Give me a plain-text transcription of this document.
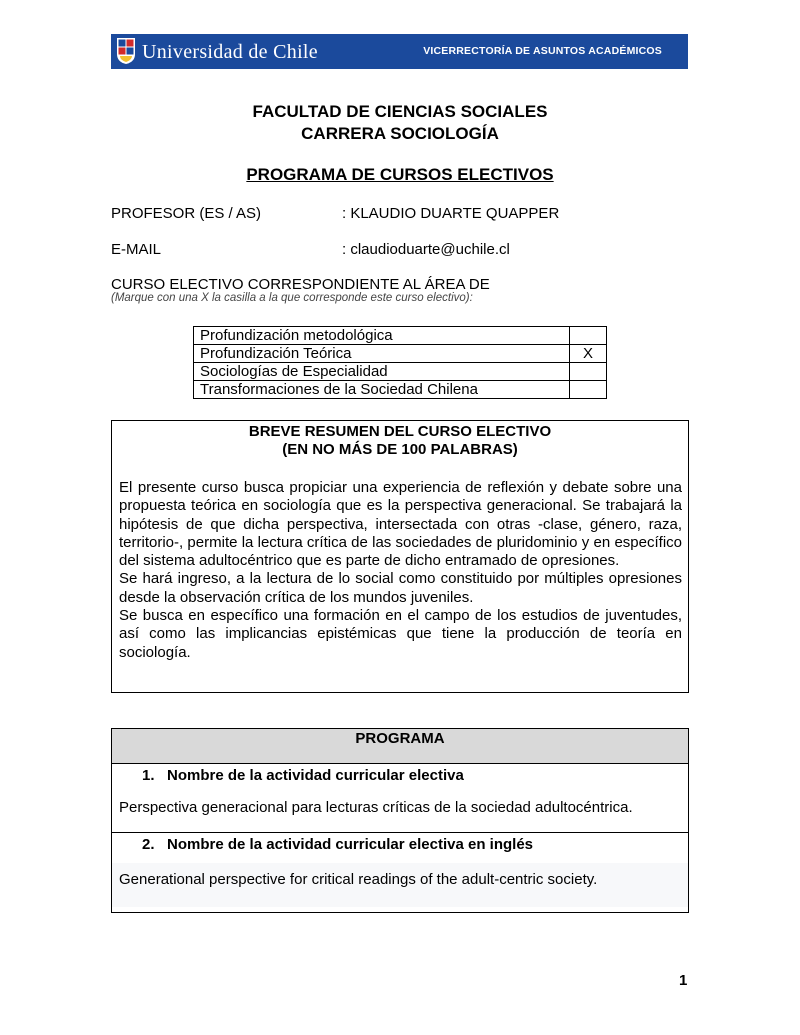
Universidad de Chile	VICERRECTORÍA DE ASUNTOS ACADÉMICOS
FACULTAD DE CIENCIAS SOCIALES
CARRERA SOCIOLOGÍA
PROGRAMA DE CURSOS ELECTIVOS
PROFESOR (ES / AS)	: KLAUDIO DUARTE QUAPPER
E-MAIL	: claudioduarte@uchile.cl
CURSO ELECTIVO CORRESPONDIENTE AL ÁREA DE
(Marque con una X la casilla a la que corresponde este curso electivo):
Profundización metodológica	
Profundización Teórica	X
Sociologías de Especialidad	
Transformaciones de la Sociedad Chilena	
BREVE RESUMEN DEL CURSO ELECTIVO
(EN NO MÁS DE 100 PALABRAS)

El presente curso busca propiciar una experiencia de reflexión y debate sobre una propuesta teórica en sociología que es la perspectiva generacional. Se trabajará la hipótesis de que dicha perspectiva, intersectada con otras -clase, género, raza, territorio-, permite la lectura crítica de las sociedades de pluridominio y en específico del sistema adultocéntrico que es parte de dicho entramado de opresiones.

Se hará ingreso, a la lectura de lo social como constituido por múltiples opresiones desde la observación crítica de los mundos juveniles.

Se busca en específico una formación en el campo de los estudios de juventudes, así como las implicancias epistémicas que tiene la producción de teoría en sociología.

PROGRAMA
1. Nombre de la actividad curricular electiva
Perspectiva generacional para lecturas críticas de la sociedad adultocéntrica.
2. Nombre de la actividad curricular electiva en inglés
Generational perspective for critical readings of the adult-centric society.
1
